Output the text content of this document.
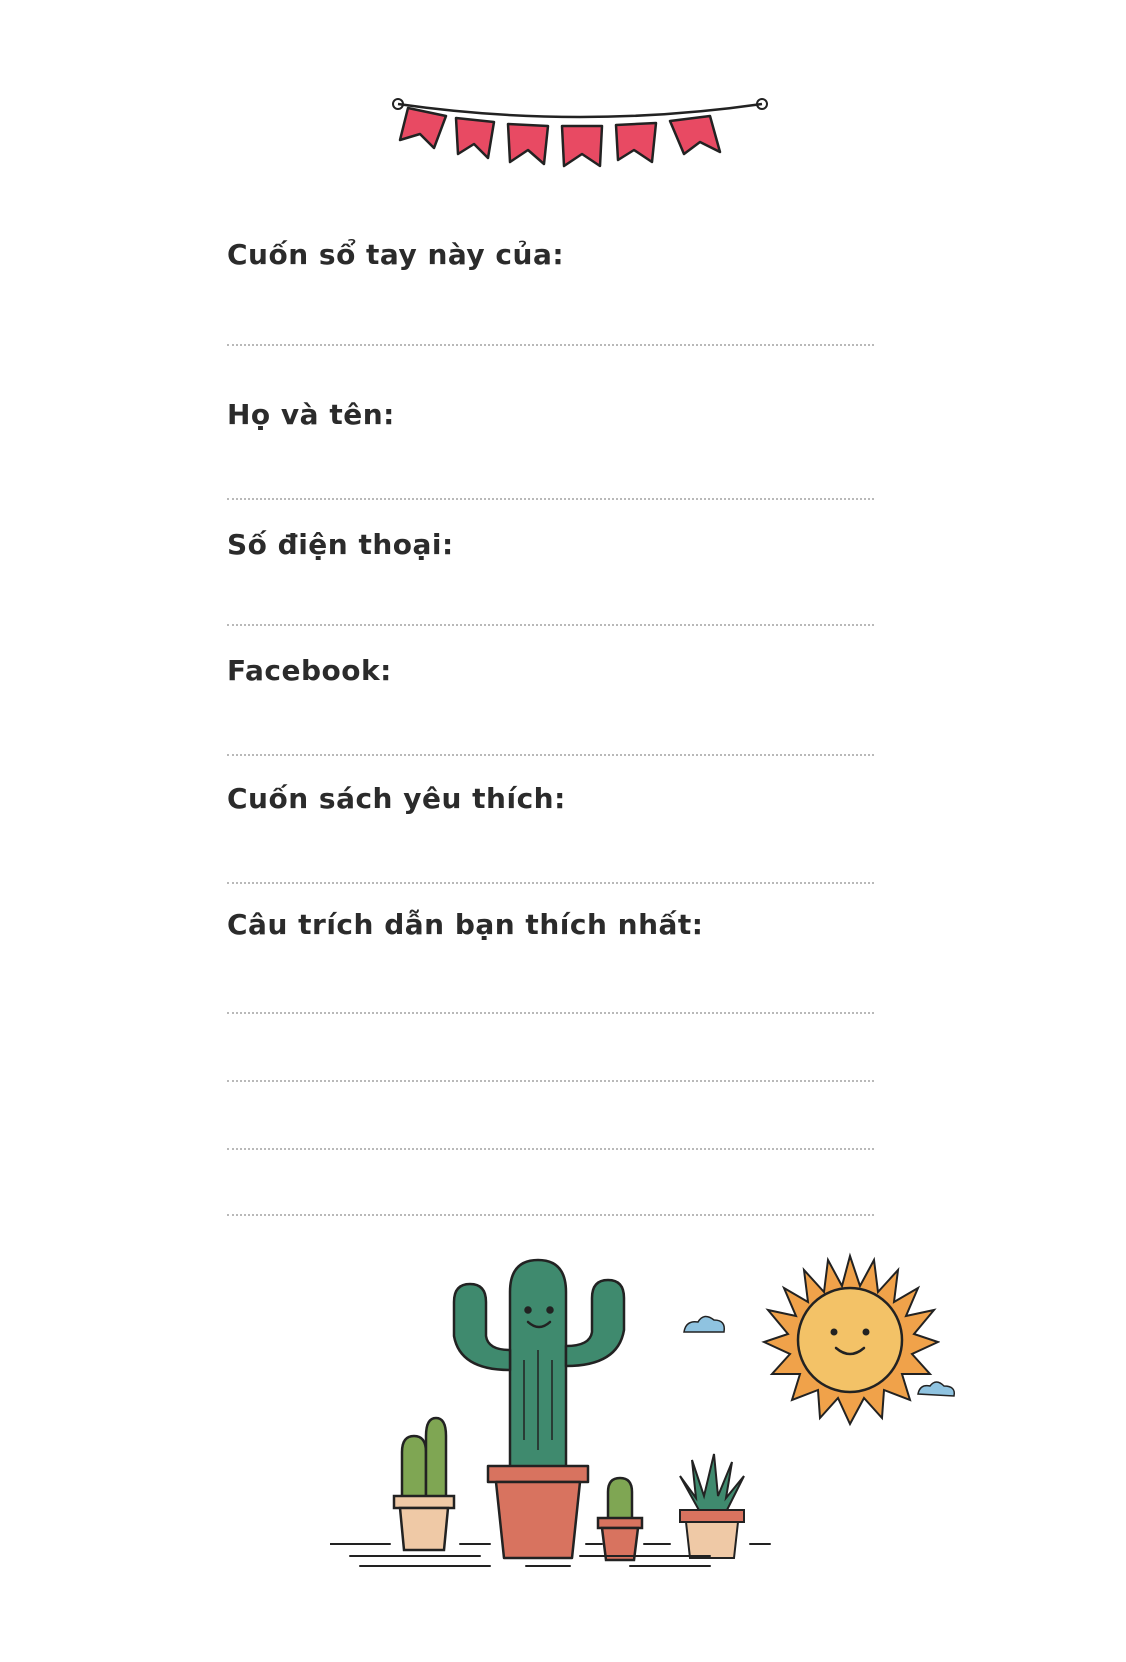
Cuốn sổ tay này của:
Họ và tên:
Số điện thoại:
Facebook:
Cuốn sách yêu thích:
Câu trích dẫn bạn thích nhất:
